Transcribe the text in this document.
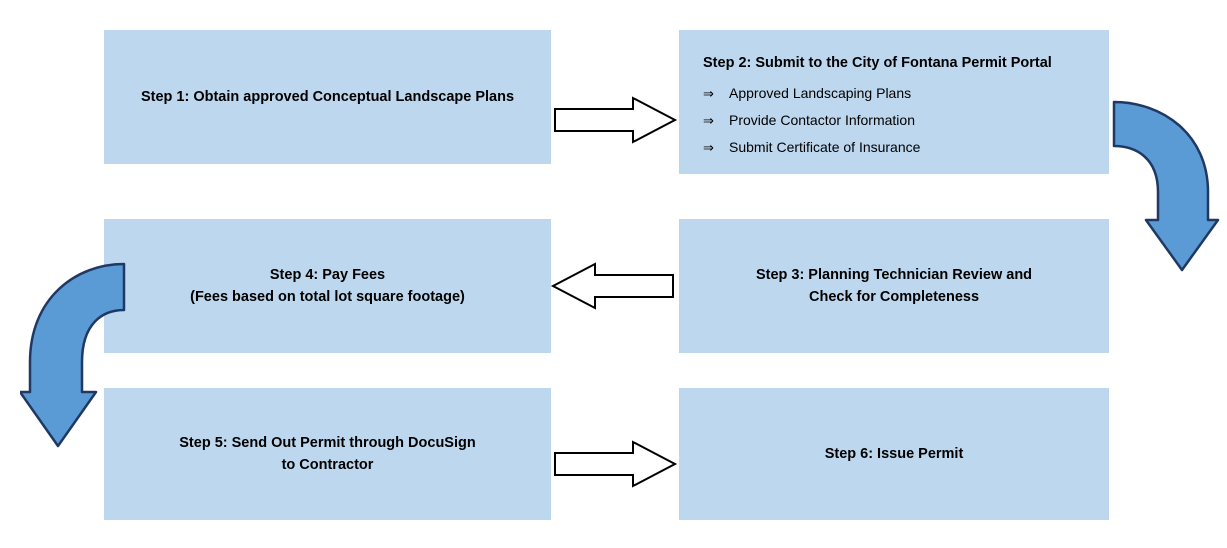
Step 1: Obtain approved Conceptual Landscape Plans
Step 2: Submit to the City of Fontana Permit Portal
⇒	Approved Landscaping Plans
⇒	Provide Contactor Information
⇒	Submit Certificate of Insurance
Step 3: Planning Technician Review and
Check for Completeness
Step 4: Pay Fees
(Fees based on total lot square footage)
Step 5: Send Out Permit through DocuSign
to Contractor
Step 6: Issue Permit
